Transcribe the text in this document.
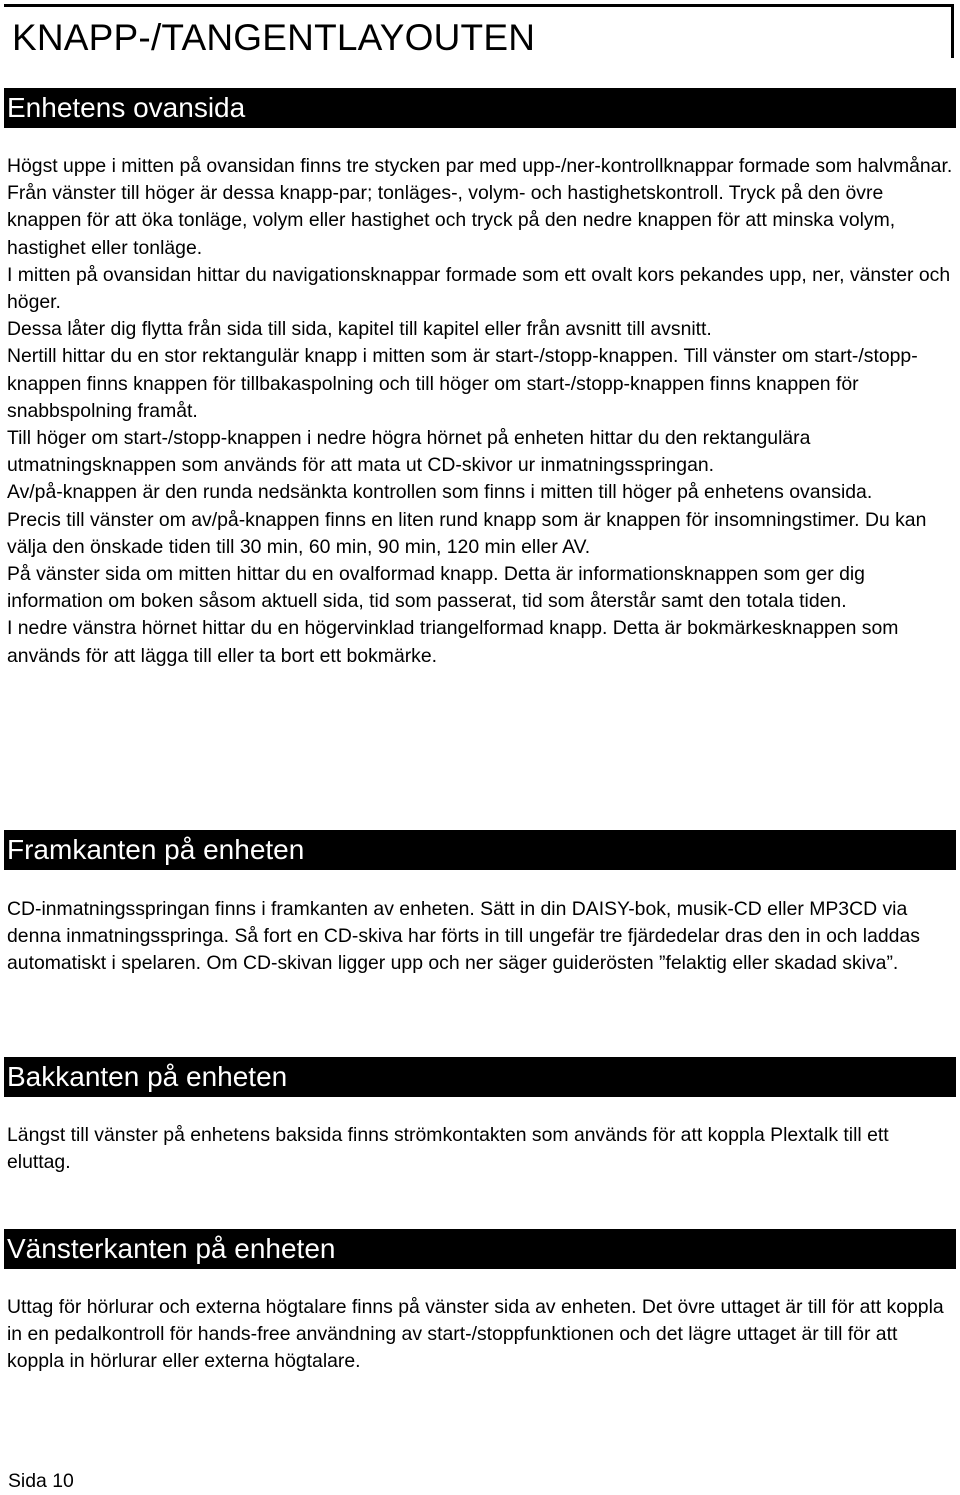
KNAPP-/TANGENTLAYOUTEN
Enhetens ovansida

Högst uppe i mitten på ovansidan finns tre stycken par med upp-/ner-kontrollknappar formade som halvmånar. Från vänster till höger är dessa knapp-par; tonläges-, volym- och hastighetskontroll. Tryck på den övre knappen för att öka tonläge, volym eller hastighet och tryck på den nedre knappen för att minska volym, hastighet eller tonläge.

I mitten på ovansidan hittar du navigationsknappar formade som ett ovalt kors pekandes upp, ner, vänster och höger.

Dessa låter dig flytta från sida till sida, kapitel till kapitel eller från avsnitt till avsnitt.

Nertill hittar du en stor rektangulär knapp i mitten som är start-/stopp-knappen. Till vänster om start-/stopp-knappen finns knappen för tillbakaspolning och till höger om start-/stopp-knappen finns knappen för snabbspolning framåt.

Till höger om start-/stopp-knappen i nedre högra hörnet på enheten hittar du den rektangulära utmatningsknappen som används för att mata ut CD-skivor ur inmatningsspringan.

Av/på-knappen är den runda nedsänkta kontrollen som finns i mitten till höger på enhetens ovansida.

Precis till vänster om av/på-knappen finns en liten rund knapp som är knappen för insomningstimer. Du kan välja den önskade tiden till 30 min, 60 min, 90 min, 120 min eller AV.

På vänster sida om mitten hittar du en ovalformad knapp. Detta är informationsknappen som ger dig information om boken såsom aktuell sida, tid som passerat, tid som återstår samt den totala tiden.

I nedre vänstra hörnet hittar du en högervinklad triangelformad knapp. Detta är bokmärkesknappen som används för att lägga till eller ta bort ett bokmärke.

Framkanten på enheten

CD-inmatningsspringan finns i framkanten av enheten. Sätt in din DAISY-bok, musik-CD eller MP3CD via denna inmatningsspringa. Så fort en CD-skiva har förts in till ungefär tre fjärdedelar dras den in och laddas automatiskt i spelaren. Om CD-skivan ligger upp och ner säger guiderösten ”felaktig eller skadad skiva”.

Bakkanten på enheten

Längst till vänster på enhetens baksida finns strömkontakten som används för att koppla Plextalk till ett eluttag.

Vänsterkanten på enheten

Uttag för hörlurar och externa högtalare finns på vänster sida av enheten. Det övre uttaget är till för att koppla in en pedalkontroll för hands-free användning av start-/stoppfunktionen och det lägre uttaget är till för att koppla in hörlurar eller externa högtalare.

Sida 10
